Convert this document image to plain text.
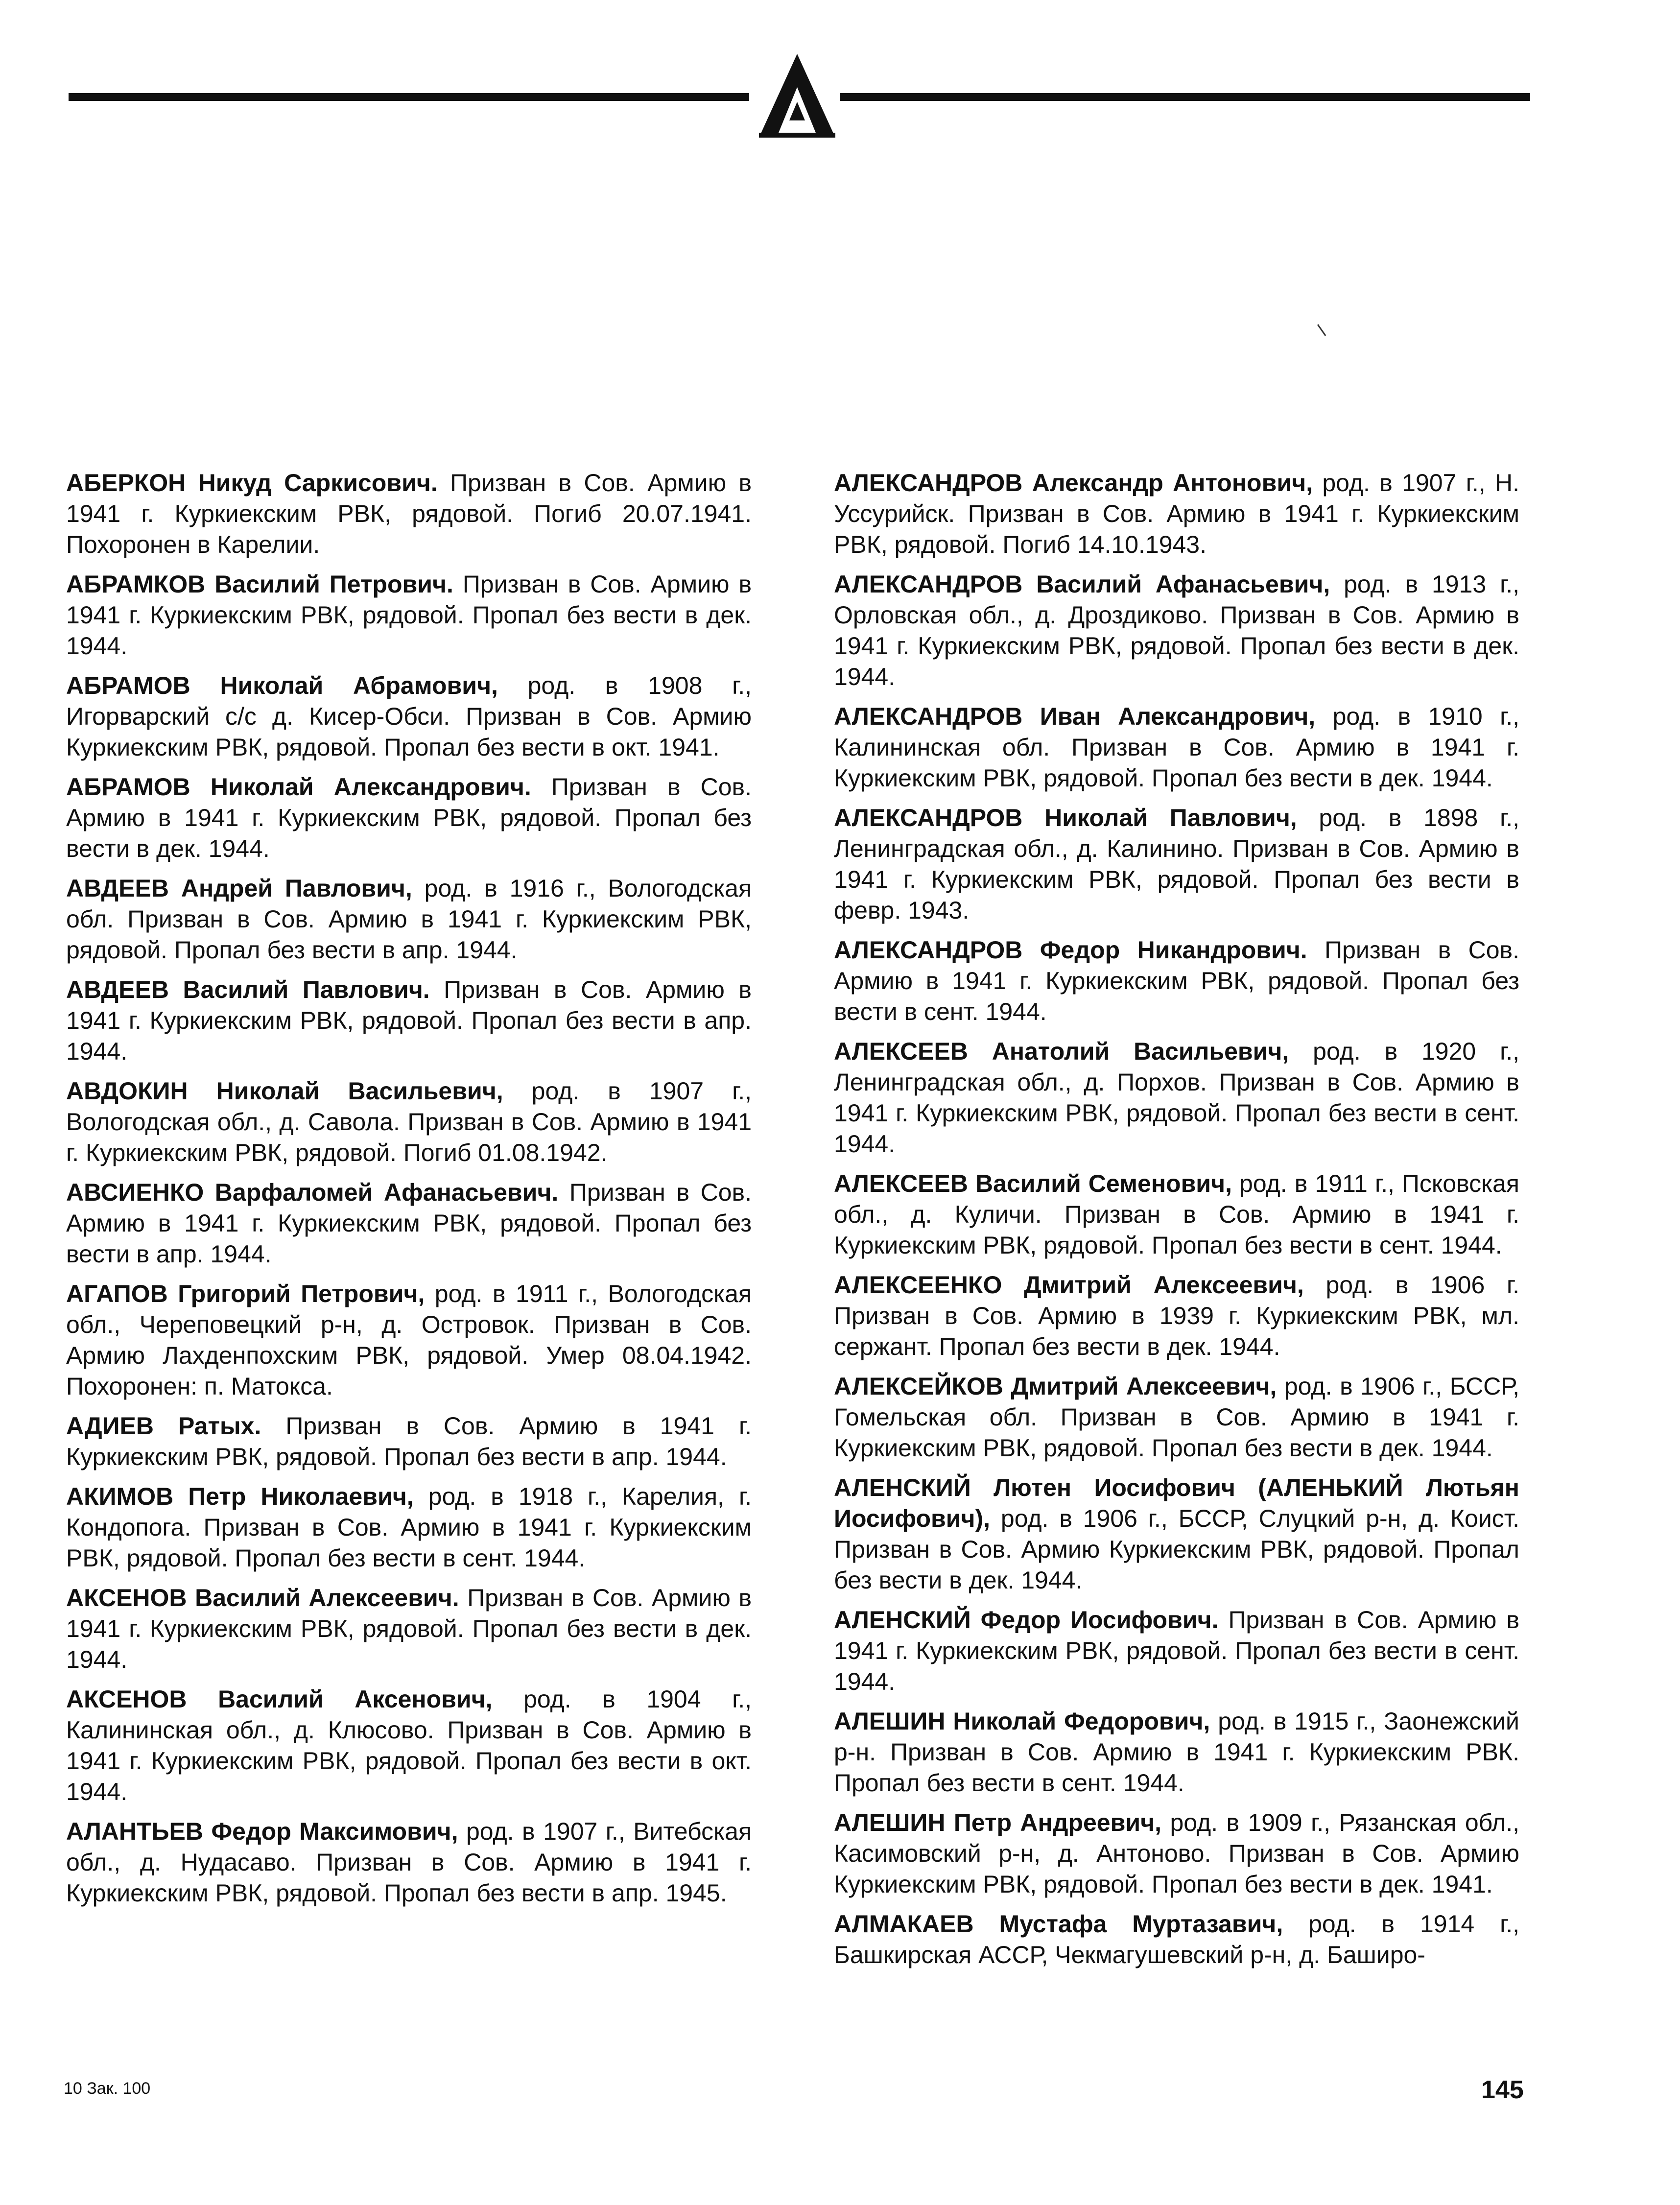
АБЕРКОН Никуд Саркисович. Призван в Сов. Армию в 1941 г. Куркиекским РВК, рядовой. Погиб 20.07.1941. Похоронен в Карелии.

АБРАМКОВ Василий Петрович. Призван в Сов. Армию в 1941 г. Куркиекским РВК, рядовой. Пропал без вести в дек. 1944.

АБРАМОВ Николай Абрамович, род. в 1908 г., Игорварский с/с д. Кисер-Обси. Призван в Сов. Армию Куркиекским РВК, рядовой. Пропал без вести в окт. 1941.

АБРАМОВ Николай Александрович. Призван в Сов. Армию в 1941 г. Куркиекским РВК, рядовой. Пропал без вести в дек. 1944.

АВДЕЕВ Андрей Павлович, род. в 1916 г., Вологодская обл. Призван в Сов. Армию в 1941 г. Куркиекским РВК, рядовой. Пропал без вести в апр. 1944.

АВДЕЕВ Василий Павлович. Призван в Сов. Армию в 1941 г. Куркиекским РВК, рядовой. Пропал без вести в апр. 1944.

АВДОКИН Николай Васильевич, род. в 1907 г., Вологодская обл., д. Савола. Призван в Сов. Армию в 1941 г. Куркиекским РВК, рядовой. Погиб 01.08.1942.

АВСИЕНКО Варфаломей Афанасьевич. Призван в Сов. Армию в 1941 г. Куркиекским РВК, рядовой. Пропал без вести в апр. 1944.

АГАПОВ Григорий Петрович, род. в 1911 г., Вологодская обл., Череповецкий р-н, д. Островок. Призван в Сов. Армию Лахденпохским РВК, рядовой. Умер 08.04.1942. Похоронен: п. Матокса.

АДИЕВ Ратых. Призван в Сов. Армию в 1941 г. Куркиекским РВК, рядовой. Пропал без вести в апр. 1944.

АКИМОВ Петр Николаевич, род. в 1918 г., Карелия, г. Кондопога. Призван в Сов. Армию в 1941 г. Куркиекским РВК, рядовой. Пропал без вести в сент. 1944.

АКСЕНОВ Василий Алексеевич. Призван в Сов. Армию в 1941 г. Куркиекским РВК, рядовой. Пропал без вести в дек. 1944.

АКСЕНОВ Василий Аксенович, род. в 1904 г., Калининская обл., д. Клюсово. Призван в Сов. Армию в 1941 г. Куркиекским РВК, рядовой. Пропал без вести в окт. 1944.

АЛАНТЬЕВ Федор Максимович, род. в 1907 г., Витебская обл., д. Нудасаво. Призван в Сов. Армию в 1941 г. Куркиекским РВК, рядовой. Пропал без вести в апр. 1945.

АЛЕКСАНДРОВ Александр Антонович, род. в 1907 г., Н. Уссурийск. Призван в Сов. Армию в 1941 г. Куркиекским РВК, рядовой. Погиб 14.10.1943.

АЛЕКСАНДРОВ Василий Афанасьевич, род. в 1913 г., Орловская обл., д. Дроздиково. Призван в Сов. Армию в 1941 г. Куркиекским РВК, рядовой. Пропал без вести в дек. 1944.

АЛЕКСАНДРОВ Иван Александрович, род. в 1910 г., Калининская обл. Призван в Сов. Армию в 1941 г. Куркиекским РВК, рядовой. Пропал без вести в дек. 1944.

АЛЕКСАНДРОВ Николай Павлович, род. в 1898 г., Ленинградская обл., д. Калинино. Призван в Сов. Армию в 1941 г. Куркиекским РВК, рядовой. Пропал без вести в февр. 1943.

АЛЕКСАНДРОВ Федор Никандрович. Призван в Сов. Армию в 1941 г. Куркиекским РВК, рядовой. Пропал без вести в сент. 1944.

АЛЕКСЕЕВ Анатолий Васильевич, род. в 1920 г., Ленинградская обл., д. Порхов. Призван в Сов. Армию в 1941 г. Куркиекским РВК, рядовой. Пропал без вести в сент. 1944.

АЛЕКСЕЕВ Василий Семенович, род. в 1911 г., Псковская обл., д. Куличи. Призван в Сов. Армию в 1941 г. Куркиекским РВК, рядовой. Пропал без вести в сент. 1944.

АЛЕКСЕЕНКО Дмитрий Алексеевич, род. в 1906 г. Призван в Сов. Армию в 1939 г. Куркиекским РВК, мл. сержант. Пропал без вести в дек. 1944.

АЛЕКСЕЙКОВ Дмитрий Алексеевич, род. в 1906 г., БССР, Гомельская обл. Призван в Сов. Армию в 1941 г. Куркиекским РВК, рядовой. Пропал без вести в дек. 1944.

АЛЕНСКИЙ Лютен Иосифович (АЛЕНЬКИЙ Лютьян Иосифович), род. в 1906 г., БССР, Слуцкий р-н, д. Коист. Призван в Сов. Армию Куркиекским РВК, рядовой. Пропал без вести в дек. 1944.

АЛЕНСКИЙ Федор Иосифович. Призван в Сов. Армию в 1941 г. Куркиекским РВК, рядовой. Пропал без вести в сент. 1944.

АЛЕШИН Николай Федорович, род. в 1915 г., Заонежский р-н. Призван в Сов. Армию в 1941 г. Куркиекским РВК. Пропал без вести в сент. 1944.

АЛЕШИН Петр Андреевич, род. в 1909 г., Рязанская обл., Касимовский р-н, д. Антоново. Призван в Сов. Армию Куркиекским РВК, рядовой. Пропал без вести в дек. 1941.

АЛМАКАЕВ Мустафа Муртазавич, род. в 1914 г., Башкирская АССР, Чекмагушевский р-н, д. Баширо-

10 Зак. 100	145
